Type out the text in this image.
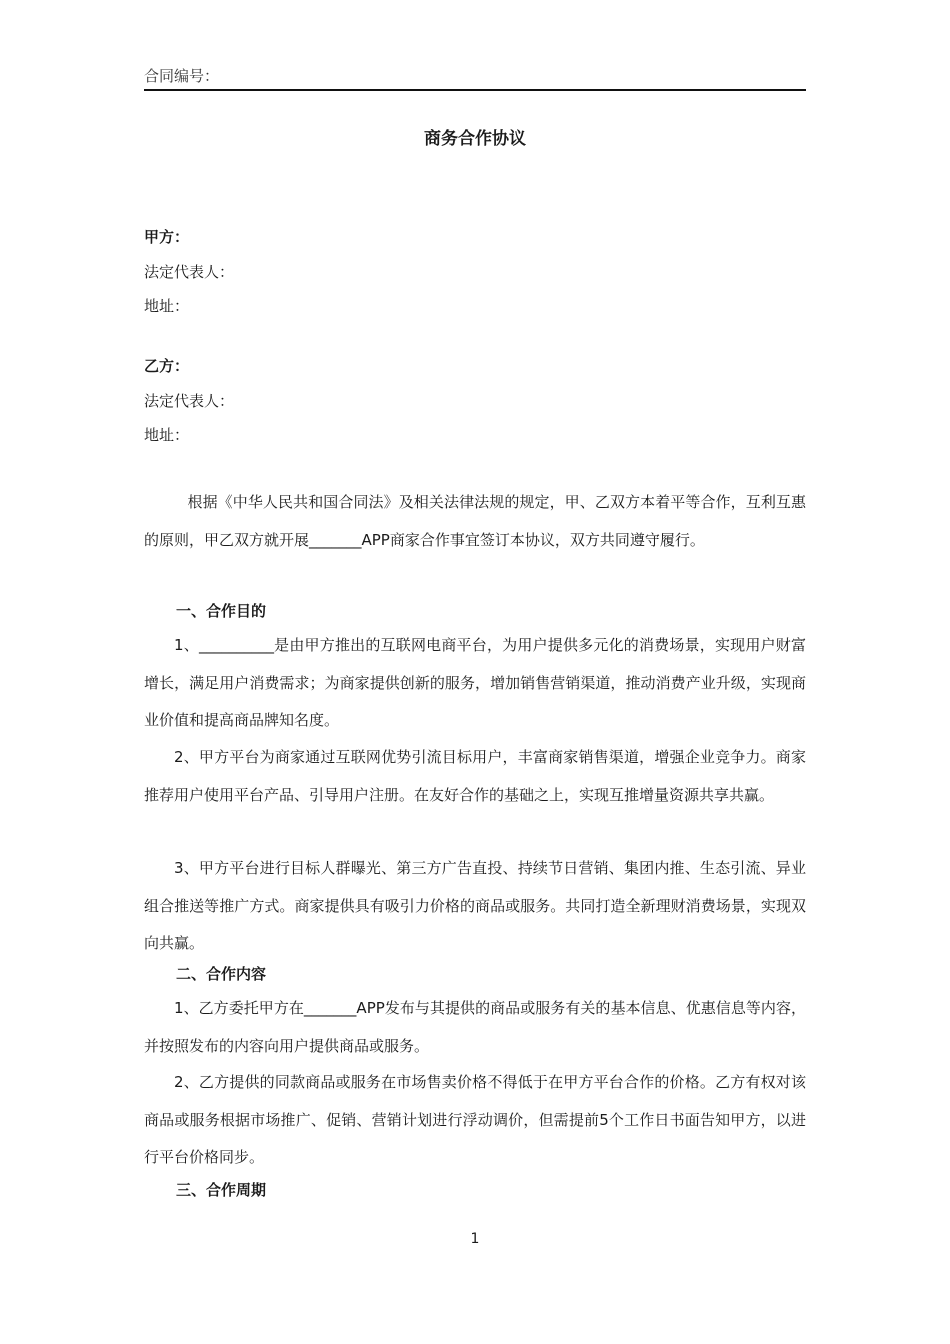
合同编号：
商务合作协议
甲方：
法定代表人：
地址：
乙方：
法定代表人：
地址：

根据《中华人民共和国合同法》及相关法律法规的规定，甲、乙双方本着平等合作，互利互惠的原则，甲乙双方就开展_______APP商家合作事宜签订本协议，双方共同遵守履行。

一、合作目的

1、__________是由甲方推出的互联网电商平台，为用户提供多元化的消费场景，实现用户财富增长，满足用户消费需求；为商家提供创新的服务，增加销售营销渠道，推动消费产业升级，实现商业价值和提高商品牌知名度。

2、甲方平台为商家通过互联网优势引流目标用户，丰富商家销售渠道，增强企业竞争力。商家推荐用户使用平台产品、引导用户注册。在友好合作的基础之上，实现互推增量资源共享共赢。

3、甲方平台进行目标人群曝光、第三方广告直投、持续节日营销、集团内推、生态引流、异业组合推送等推广方式。商家提供具有吸引力价格的商品或服务。共同打造全新理财消费场景，实现双向共赢。

二、合作内容

1、乙方委托甲方在_______APP发布与其提供的商品或服务有关的基本信息、优惠信息等内容，并按照发布的内容向用户提供商品或服务。

2、乙方提供的同款商品或服务在市场售卖价格不得低于在甲方平台合作的价格。乙方有权对该商品或服务根据市场推广、促销、营销计划进行浮动调价，但需提前5个工作日书面告知甲方，以进行平台价格同步。

三、合作周期
1
